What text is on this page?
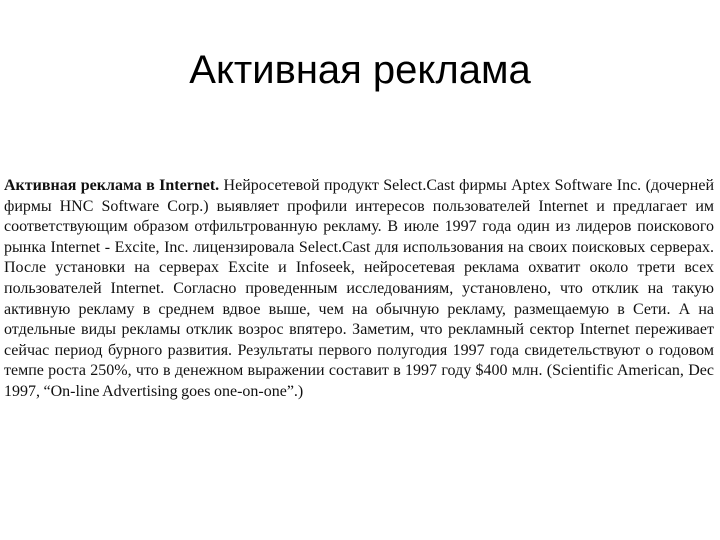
Активная реклама

Активная реклама в Internet. Нейросетевой продукт Select.Cast фирмы Aptex Software Inc. (дочерней фирмы HNC Software Corp.) выявляет профили интересов пользователей Internet и предлагает им соответствующим образом отфильтрованную рекламу. В июле 1997 года один из лидеров поискового рынка Internet - Excite, Inc. лицензировала Select.Cast для использования на своих поисковых серверах. После установки на серверах Excite и Infoseek, нейросетевая реклама охватит около трети всех пользователей Internet. Согласно проведенным исследованиям, установлено, что отклик на такую активную рекламу в среднем вдвое выше, чем на обычную рекламу, размещаемую в Сети. А на отдельные виды рекламы отклик возрос впятеро. Заметим, что рекламный сектор Internet переживает сейчас период бурного развития. Результаты первого полугодия 1997 года свидетельствуют о годовом темпе роста 250%, что в денежном выражении составит в 1997 году $400 млн. (Scientific American, Dec 1997, “On-line Advertising goes one-on-one”.)
